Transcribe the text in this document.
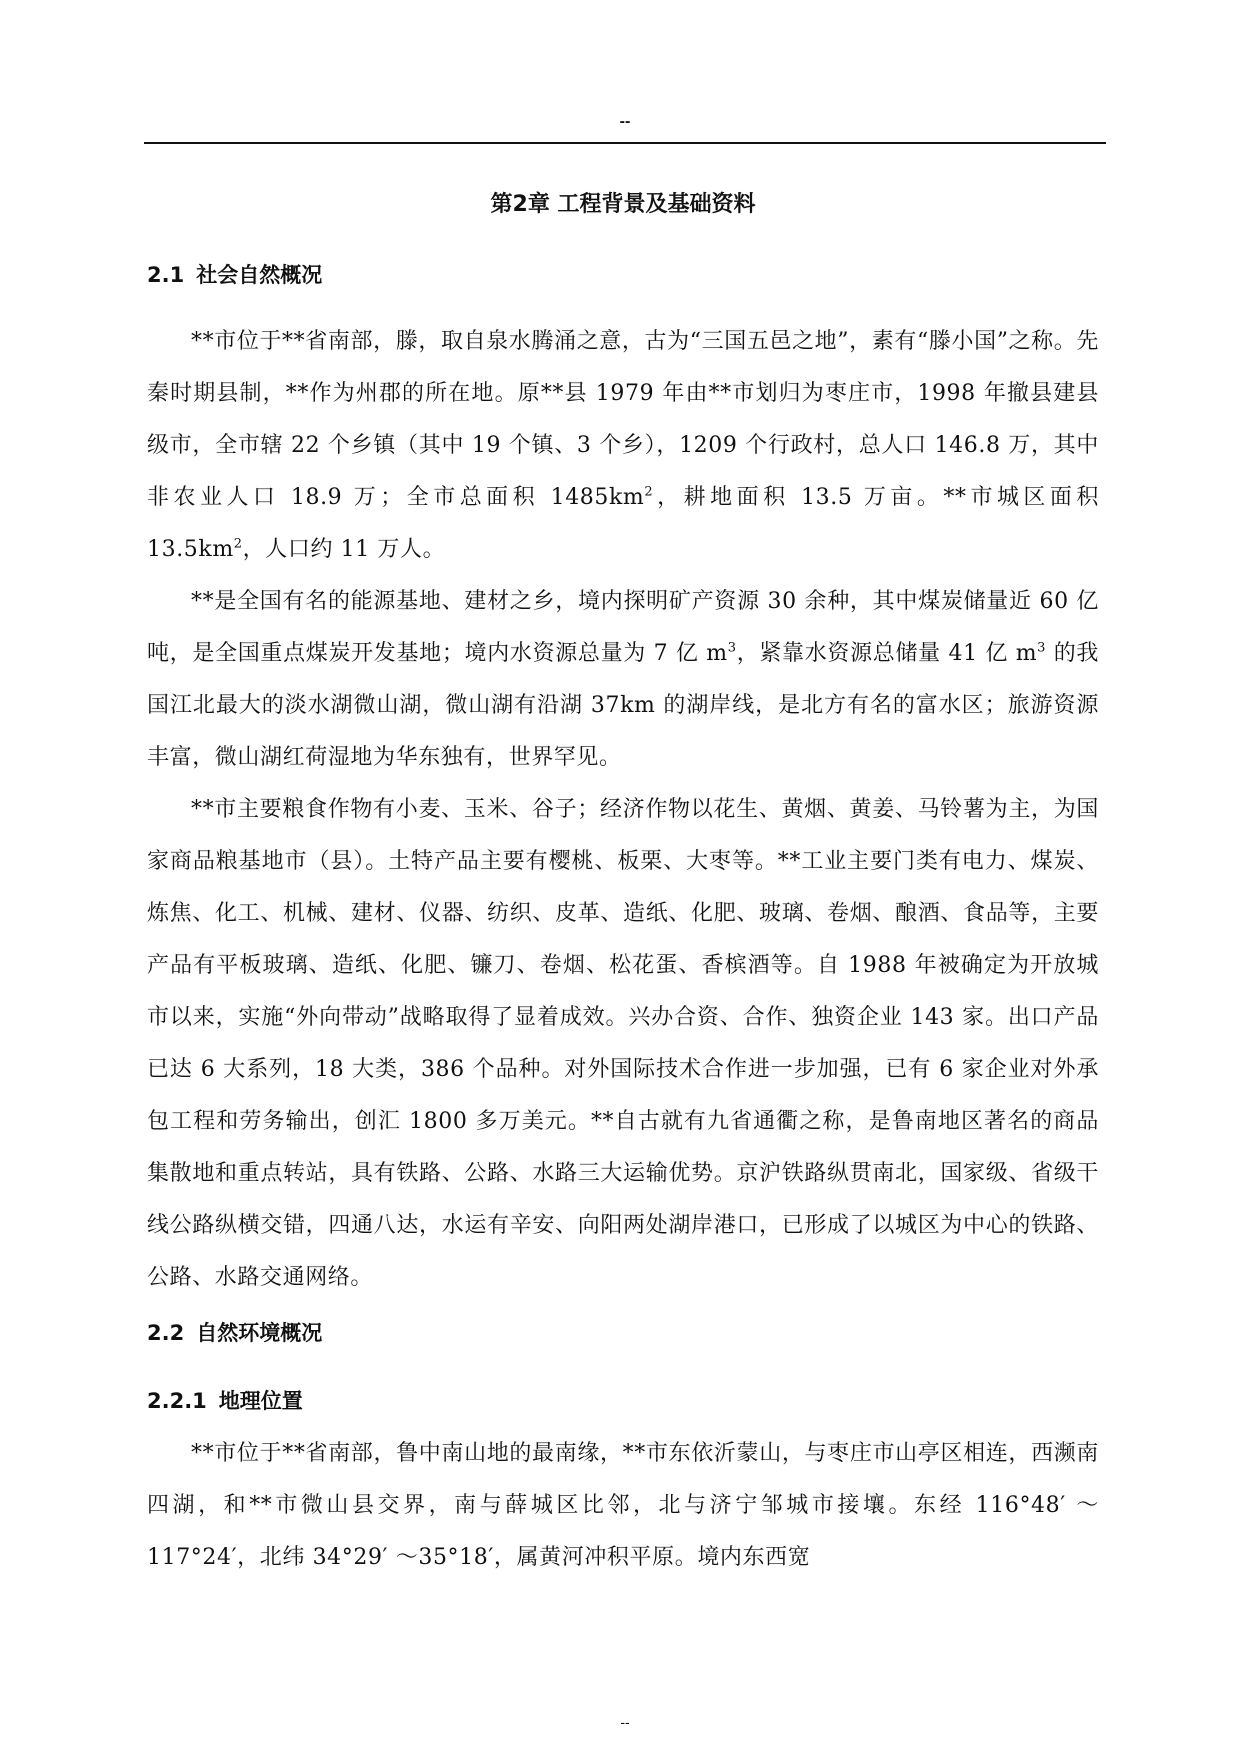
--
第2章 工程背景及基础资料
2.1 社会自然概况

**市位于**省南部，滕，取自泉水腾涌之意，古为“三国五邑之地”，素有“滕小国”之称。先秦时期县制，**作为州郡的所在地。原**县 1979 年由**市划归为枣庄市，1998 年撤县建县级市，全市辖 22 个乡镇（其中 19 个镇、3 个乡），1209 个行政村，总人口 146.8 万，其中非农业人口 18.9 万；全市总面积 $1485km^2$，耕地面积 13.5 万亩。**市城区面积 $13.5km^2$，人口约 11 万人。

**是全国有名的能源基地、建材之乡，境内探明矿产资源 30 余种，其中煤炭储量近 60 亿吨，是全国重点煤炭开发基地；境内水资源总量为 7 亿 $m^3$，紧靠水资源总储量 41 亿 $m^3$ 的我国江北最大的淡水湖微山湖，微山湖有沿湖 37km 的湖岸线，是北方有名的富水区；旅游资源丰富，微山湖红荷湿地为华东独有，世界罕见。

**市主要粮食作物有小麦、玉米、谷子；经济作物以花生、黄烟、黄姜、马铃薯为主，为国家商品粮基地市（县）。土特产品主要有樱桃、板栗、大枣等。**工业主要门类有电力、煤炭、炼焦、化工、机械、建材、仪器、纺织、皮革、造纸、化肥、玻璃、卷烟、酿酒、食品等，主要产品有平板玻璃、造纸、化肥、镰刀、卷烟、松花蛋、香槟酒等。自 1988 年被确定为开放城市以来，实施“外向带动”战略取得了显着成效。兴办合资、合作、独资企业 143 家。出口产品已达 6 大系列，18 大类，386 个品种。对外国际技术合作进一步加强，已有 6 家企业对外承包工程和劳务输出，创汇 1800 多万美元。**自古就有九省通衢之称，是鲁南地区著名的商品集散地和重点转站，具有铁路、公路、水路三大运输优势。京沪铁路纵贯南北，国家级、省级干线公路纵横交错，四通八达，水运有辛安、向阳两处湖岸港口，已形成了以城区为中心的铁路、公路、水路交通网络。

2.2 自然环境概况
2.2.1 地理位置

**市位于**省南部，鲁中南山地的最南缘，**市东依沂蒙山，与枣庄市山亭区相连，西濒南四湖，和**市微山县交界，南与薛城区比邻，北与济宁邹城市接壤。东经 116°48′ ～117°24′，北纬 34°29′ ～35°18′，属黄河冲积平原。境内东西宽

--
